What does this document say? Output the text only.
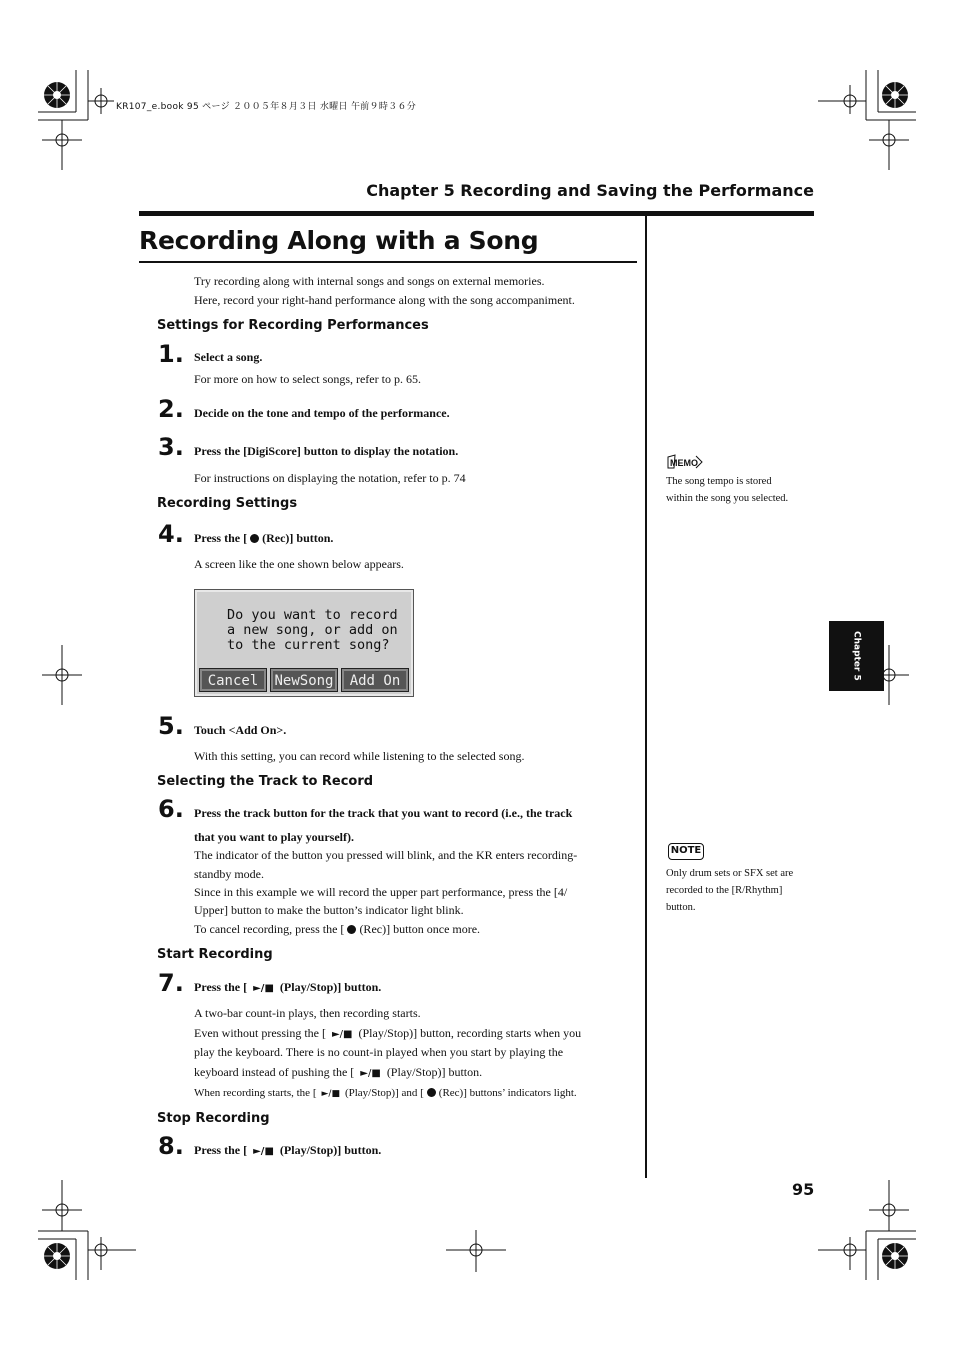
KR107_e.book 95 ページ ２００５年８月３日 水曜日 午前９時３６分
Chapter 5 Recording and Saving the Performance
Recording Along with a Song
Try recording along with internal songs and songs on external memories.
Here, record your right-hand performance along with the song accompaniment.
Settings for Recording Performances
1. Select a song.
For more on how to select songs, refer to p. 65.
2. Decide on the tone and tempo of the performance.
3. Press the [DigiScore] button to display the notation.
For instructions on displaying the notation, refer to p. 74
Recording Settings
4. Press the [ (Rec)] button.
A screen like the one shown below appears.
Do you want to record
a new song, or add on
to the current song?
Cancel	NewSong	Add On
5. Touch <Add On>.
With this setting, you can record while listening to the selected song.
Selecting the Track to Record
6. Press the track button for the track that you want to record (i.e., the track
that you want to play yourself).
The indicator of the button you pressed will blink, and the KR enters recording-
standby mode.
Since in this example we will record the upper part performance, press the [4/
Upper] button to make the button’s indicator light blink.
To cancel recording, press the [ (Rec)] button once more.
Start Recording
7. Press the [ ►/■ (Play/Stop)] button.
A two-bar count-in plays, then recording starts.
Even without pressing the [ ►/■ (Play/Stop)] button, recording starts when you
play the keyboard. There is no count-in played when you start by playing the
keyboard instead of pushing the [ ►/■ (Play/Stop)] button.
When recording starts, the [ ►/■ (Play/Stop)] and [ (Rec)] buttons’ indicators light.
Stop Recording
8. Press the [ ►/■ (Play/Stop)] button.
MEMO
The song tempo is stored
within the song you selected.
NOTE
Only drum sets or SFX set are
recorded to the [R/Rhythm]
button.
Chapter 5
95
